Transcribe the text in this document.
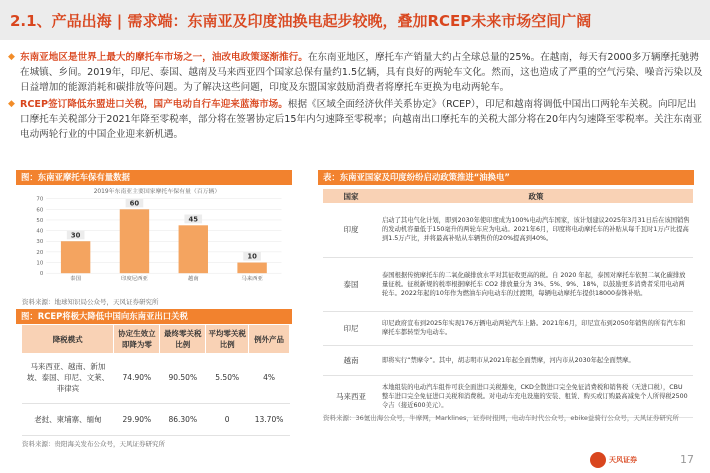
2.1、产品出海 | 需求端：东南亚及印度油换电起步较晚，叠加RCEP未来市场空间广阔
◆ 东南亚地区是世界上最大的摩托车市场之一，油改电政策逐渐推行。在东南亚地区，摩托车产销量大约占全球总量的25%。在越南，每天有2000多万辆摩托驰骋在城镇、乡间。2019年，印尼、泰国、越南及马来西亚四个国家总保有量约1.5亿辆，具有良好的两轮车文化。然而，这也造成了严重的空气污染、噪音污染以及日益增加的能源消耗和碳排放等问题。为了解决这些问题，印度及东盟国家鼓励消费者将摩托车更换为电动两轮车。
◆ RCEP签订降低东盟进口关税，国产电动自行车迎来蓝海市场。根据《区域全面经济伙伴关系协定》（RCEP），印尼和越南将调低中国出口两轮车关税。向印尼出口摩托车关税部分于2021年降至零税率，部分将在签署协定后15年内匀速降至零税率；向越南出口摩托车的关税大部分将在20年内匀速降至零税率。关注东南亚电动两轮行业的中国企业迎来新机遇。
图：东南亚摩托车保有量数据
2019年东南亚主要国家摩托车保有量（百万辆）
0
10
20
30
40
50
60
70
30
泰国
60
印度尼西亚
45
越南
10
马来西亚
资料来源：地球知识局公众号，天风证券研究所
图：RCEP将极大降低中国向东南亚出口关税
降税模式	协定生效立即降为零	最终零关税比例	平均零关税比例	例外产品
马来西亚、越南、新加坡、泰国、印尼、文莱、菲律宾	74.90%	90.50%	5.50%	4%
老挝、柬埔寨、缅甸	29.90%	86.30%	0	13.70%
资料来源：贵阳海关发布公众号，天风证券研究所
表：东南亚国家及印度纷纷启动政策推进“油换电”
国家	政策
印度	启动了其电气化计划，即到2030年使印度成为100%电动汽车国家，该计划建议2025年3月31日后在该国销售的发动机容量低于150毫升的两轮车应为电动。2021年6月，印度将电动摩托车的补贴从每千瓦时1万卢比提高到1.5万卢比，并将最高补贴从车辆售价的20%提高到40%。
泰国	泰国根据传统摩托车的二氧化碳排放水平对其征收更高的税。自 2020 年起，泰国对摩托车依照二氧化碳排放量征税。征税新规的税率根据摩托车 CO2 排放量分为 3%、5%、9%、18%，以鼓励更多消费者采用电动两轮车。2022年起的10年作为燃油车向电动车的过渡期，每辆电动摩托车提供18000泰铢补贴。
印尼	印尼政府宣布到2025年实现176万辆电动两轮汽车上路。2021年6月，印尼宣布到2050年销售的所有汽车和摩托车都转型为电动车。
越南	即将实行“禁摩令”。其中，胡志明市从2021年起全面禁摩，河内市从2030年起全面禁摩。
马来西亚	本地组装的电动汽车组件可获全面进口关税豁免，CKD全散进口完全免征消费税和销售税（无进口税），CBU 整车进口完全免征进口关税和消费税。对电动车充电设施的安装、租赁、购买或订购最高减免个人所得税2500令吉（接近600美元）。
资料来源：36氪出海公众号，牛摩网，Marklines，证券时报网，电动车时代公众号，ebike益骑行公众号，天风证券研究所
天风证券	17
